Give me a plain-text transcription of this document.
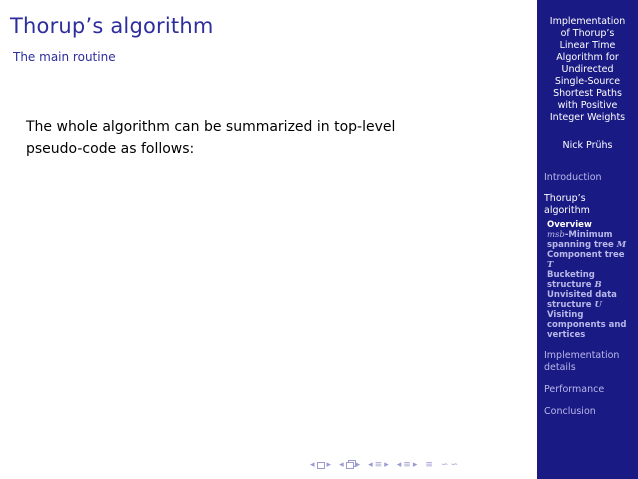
Thorup’s algorithm
The main routine
The whole algorithm can be summarized in top-level
pseudo-code as follows:
◂ ▸ ◂ ▸ ◂ ≡ ▸ ◂ ≡ ▸ ≡ ∽ ∽
Implementation
of Thorup’s
Linear Time
Algorithm for
Undirected
Single-Source
Shortest Paths
with Positive
Integer Weights
Nick Prühs
Introduction
Thorup’s
algorithm
Overview
msb-Minimum
spanning tree M
Component tree
T
Bucketing
structure B
Unvisited data
structure U
Visiting
components and
vertices
Implementation
details
Performance
Conclusion
